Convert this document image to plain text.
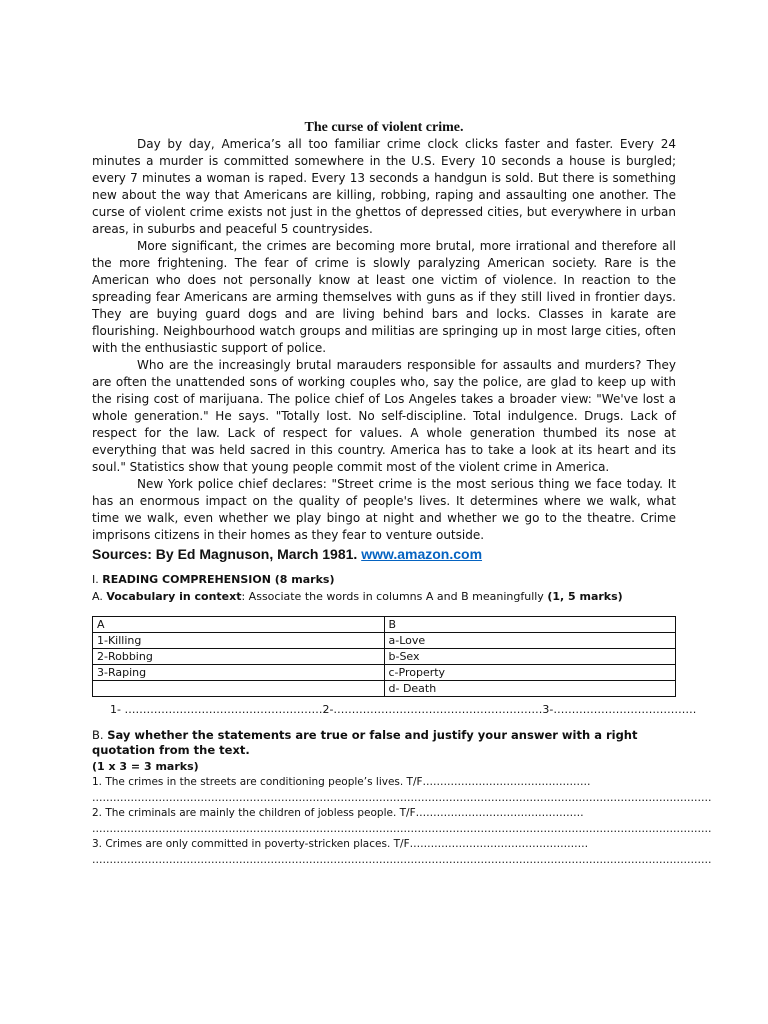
The curse of violent crime.

Day by day, America’s all too familiar crime clock clicks faster and faster. Every 24 minutes a murder is committed somewhere in the U.S. Every 10 seconds a house is burgled; every 7 minutes a woman is raped. Every 13 seconds a handgun is sold. But there is something new about the way that Americans are killing, robbing, raping and assaulting one another. The curse of violent crime exists not just in the ghettos of depressed cities, but everywhere in urban areas, in suburbs and peaceful 5 countrysides.

More significant, the crimes are becoming more brutal, more irrational and therefore all the more frightening. The fear of crime is slowly paralyzing American society. Rare is the American who does not personally know at least one victim of violence. In reaction to the spreading fear Americans are arming themselves with guns as if they still lived in frontier days. They are buying guard dogs and are living behind bars and locks. Classes in karate are flourishing. Neighbourhood watch groups and militias are springing up in most large cities, often with the enthusiastic support of police.

Who are the increasingly brutal marauders responsible for assaults and murders? They are often the unattended sons of working couples who, say the police, are glad to keep up with the rising cost of marijuana. The police chief of Los Angeles takes a broader view: "We've lost a whole generation." He says. "Totally lost. No self-discipline. Total indulgence. Drugs. Lack of respect for the law. Lack of respect for values. A whole generation thumbed its nose at everything that was held sacred in this country. America has to take a look at its heart and its soul." Statistics show that young people commit most of the violent crime in America.

New York police chief declares: "Street crime is the most serious thing we face today. It has an enormous impact on the quality of people's lives. It determines where we walk, what time we walk, even whether we play bingo at night and whether we go to the theatre. Crime imprisons citizens in their homes as they fear to venture outside.

Sources: By Ed Magnuson, March 1981. www.amazon.com
I. READING COMPREHENSION (8 marks)
A. Vocabulary in context: Associate the words in columns A and B meaningfully (1, 5 marks)
A	B
1-Killing	a-Love
2-Robbing	b-Sex
3-Raping	c-Property
	d- Death
1- ………………………………………………2-…………………………………………………3-…………………………………
B. Say whether the statements are true or false and justify your answer with a right quotation from the text.
(1 x 3 = 3 marks)
1. The crimes in the streets are conditioning people’s lives. T/F…………………………………………
……………………………………………………………………………………………………………………………………………………………
2. The criminals are mainly the children of jobless people. T/F…………………………………………
……………………………………………………………………………………………………………………………………………………………
3. Crimes are only committed in poverty-stricken places. T/F……………………………………………
……………………………………………………………………………………………………………………………………………………………
